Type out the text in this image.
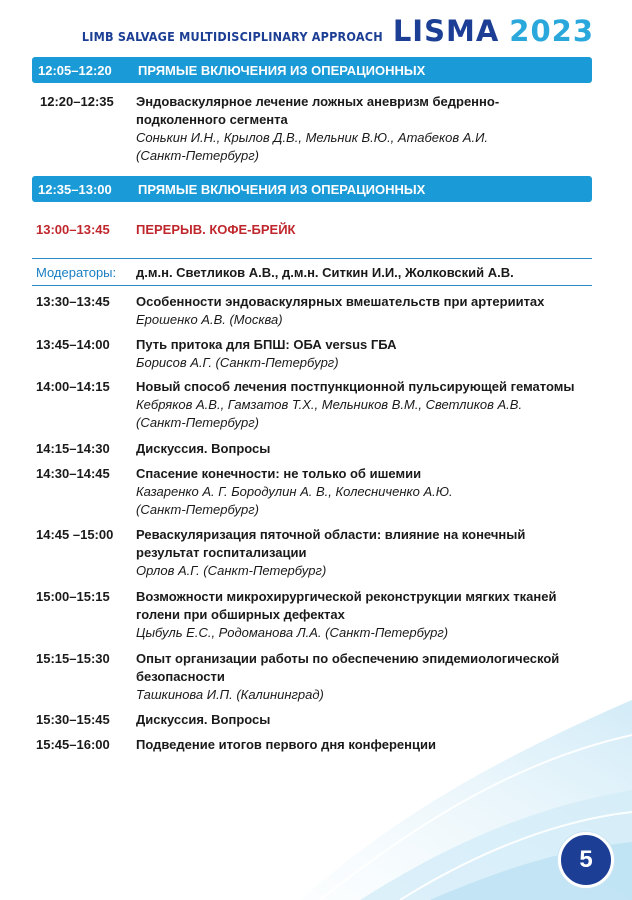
LIMB SALVAGE MULTIDISCIPLINARY APPROACH LISMA 2023
12:05–12:20	ПРЯМЫЕ ВКЛЮЧЕНИЯ ИЗ ОПЕРАЦИОННЫХ
12:20–12:35	Эндоваскулярное лечение ложных аневризм бедренно-
подколенного сегмента
Сонькин И.Н., Крылов Д.В., Мельник В.Ю., Атабеков А.И.
(Санкт-Петербург)
12:35–13:00	ПРЯМЫЕ ВКЛЮЧЕНИЯ ИЗ ОПЕРАЦИОННЫХ
13:00–13:45	ПЕРЕРЫВ. КОФЕ-БРЕЙК
Модераторы:	д.м.н. Светликов А.В., д.м.н. Ситкин И.И., Жолковский А.В.
13:30–13:45	Особенности эндоваскулярных вмешательств при артериитах
Ерошенко А.В. (Москва)
13:45–14:00	Путь притока для БПШ: ОБА versus ГБА
Борисов А.Г. (Санкт-Петербург)
14:00–14:15	Новый способ лечения постпункционной пульсирующей гематомы
Кебряков А.В., Гамзатов Т.Х., Мельников В.М., Светликов А.В.
(Санкт-Петербург)
14:15–14:30	Дискуссия. Вопросы
14:30–14:45	Спасение конечности: не только об ишемии
Казаренко А. Г. Бородулин А. В., Колесниченко А.Ю.
(Санкт-Петербург)
14:45 –15:00	Реваскуляризация пяточной области: влияние на конечный
результат госпитализации
Орлов А.Г. (Санкт-Петербург)
15:00–15:15	Возможности микрохирургической реконструкции мягких тканей
голени при обширных дефектах
Цыбуль Е.С., Родоманова Л.А. (Санкт-Петербург)
15:15–15:30	Опыт организации работы по обеспечению эпидемиологической
безопасности
Ташкинова И.П. (Калининград)
15:30–15:45	Дискуссия. Вопросы
15:45–16:00	Подведение итогов первого дня конференции
5
